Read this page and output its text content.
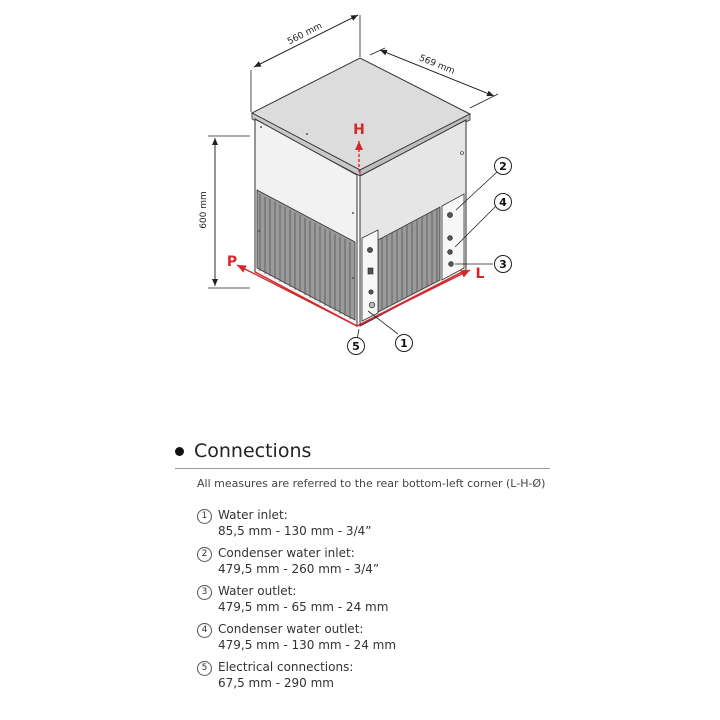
560 mm
569 mm
600 mm
H
P
L
2
4
3
5	1
Connections
All measures are referred to the rear bottom-left corner (L-H-Ø)
1 Water inlet:
85,5 mm - 130 mm - 3/4”
2 Condenser water inlet:
479,5 mm - 260 mm - 3/4”
3 Water outlet:
479,5 mm - 65 mm - 24 mm
4 Condenser water outlet:
479,5 mm - 130 mm - 24 mm
5 Electrical connections:
67,5 mm - 290 mm
